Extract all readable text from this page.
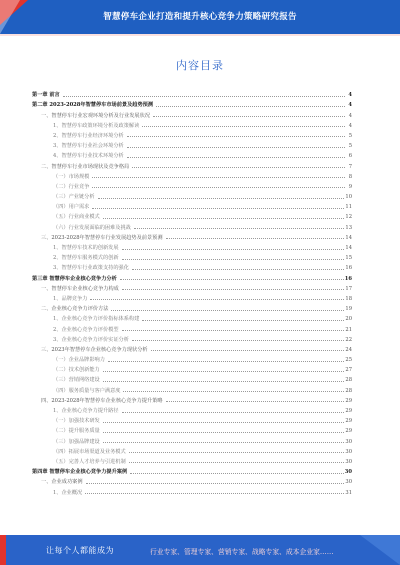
智慧停车企业打造和提升核心竞争力策略研究报告
内容目录
第一章 前言	4
第二章 2023-2028年智慧停车市场前景及趋势预测	4
一、智慧停车行业宏观环境分析及行业发展状况	4
1、智慧停车政策环境分析及政策解读	4
2、智慧停车行业经济环境分析	5
3、智慧停车行业社会环境分析	5
4、智慧停车行业技术环境分析	6
二、智慧停车行业市场现状及竞争格局	7
（一）市场规模	8
（二）行业竞争	9
（三）产业链分析	10
（四）用户需求	11
（五）行业商业模式	12
（六）行业发展面临的困难及挑战	13
三、2023-2028年智慧停车行业发展趋势及前景预测	14
1、智慧停车技术的创新发展	14
2、智慧停车服务模式的创新	15
3、智慧停车行业政策支持的强化	16
第三章 智慧停车企业核心竞争力分析	16
一、智慧停车企业核心竞争力构成	17
1、品牌竞争力	18
二、企业核心竞争力评价方法	19
1、企业核心竞争力评价指标体系构建	20
2、企业核心竞争力评价模型	21
3、企业核心竞争力评价实证分析	22
三、2023年智慧停车企业核心竞争力现状分析	24
（一）企业品牌影响力	25
（二）技术创新能力	27
（三）营销网络建设	28
（四）服务质量与客户满意度	28
四、2023-2028年智慧停车企业核心竞争力提升策略	29
1、企业核心竞争力提升路径	29
（一）加强技术研发	29
（二）提升服务质量	29
（三）加强品牌建设	30
（四）拓展市场渠道及业务模式	30
（五）完善人才培养与引进机制	30
第四章 智慧停车企业核心竞争力提升案例	30
一、企业成功案例	30
1、企业概况	31
让每个人都能成为	行业专家、管理专家、营销专家、战略专家、成本企业家……
